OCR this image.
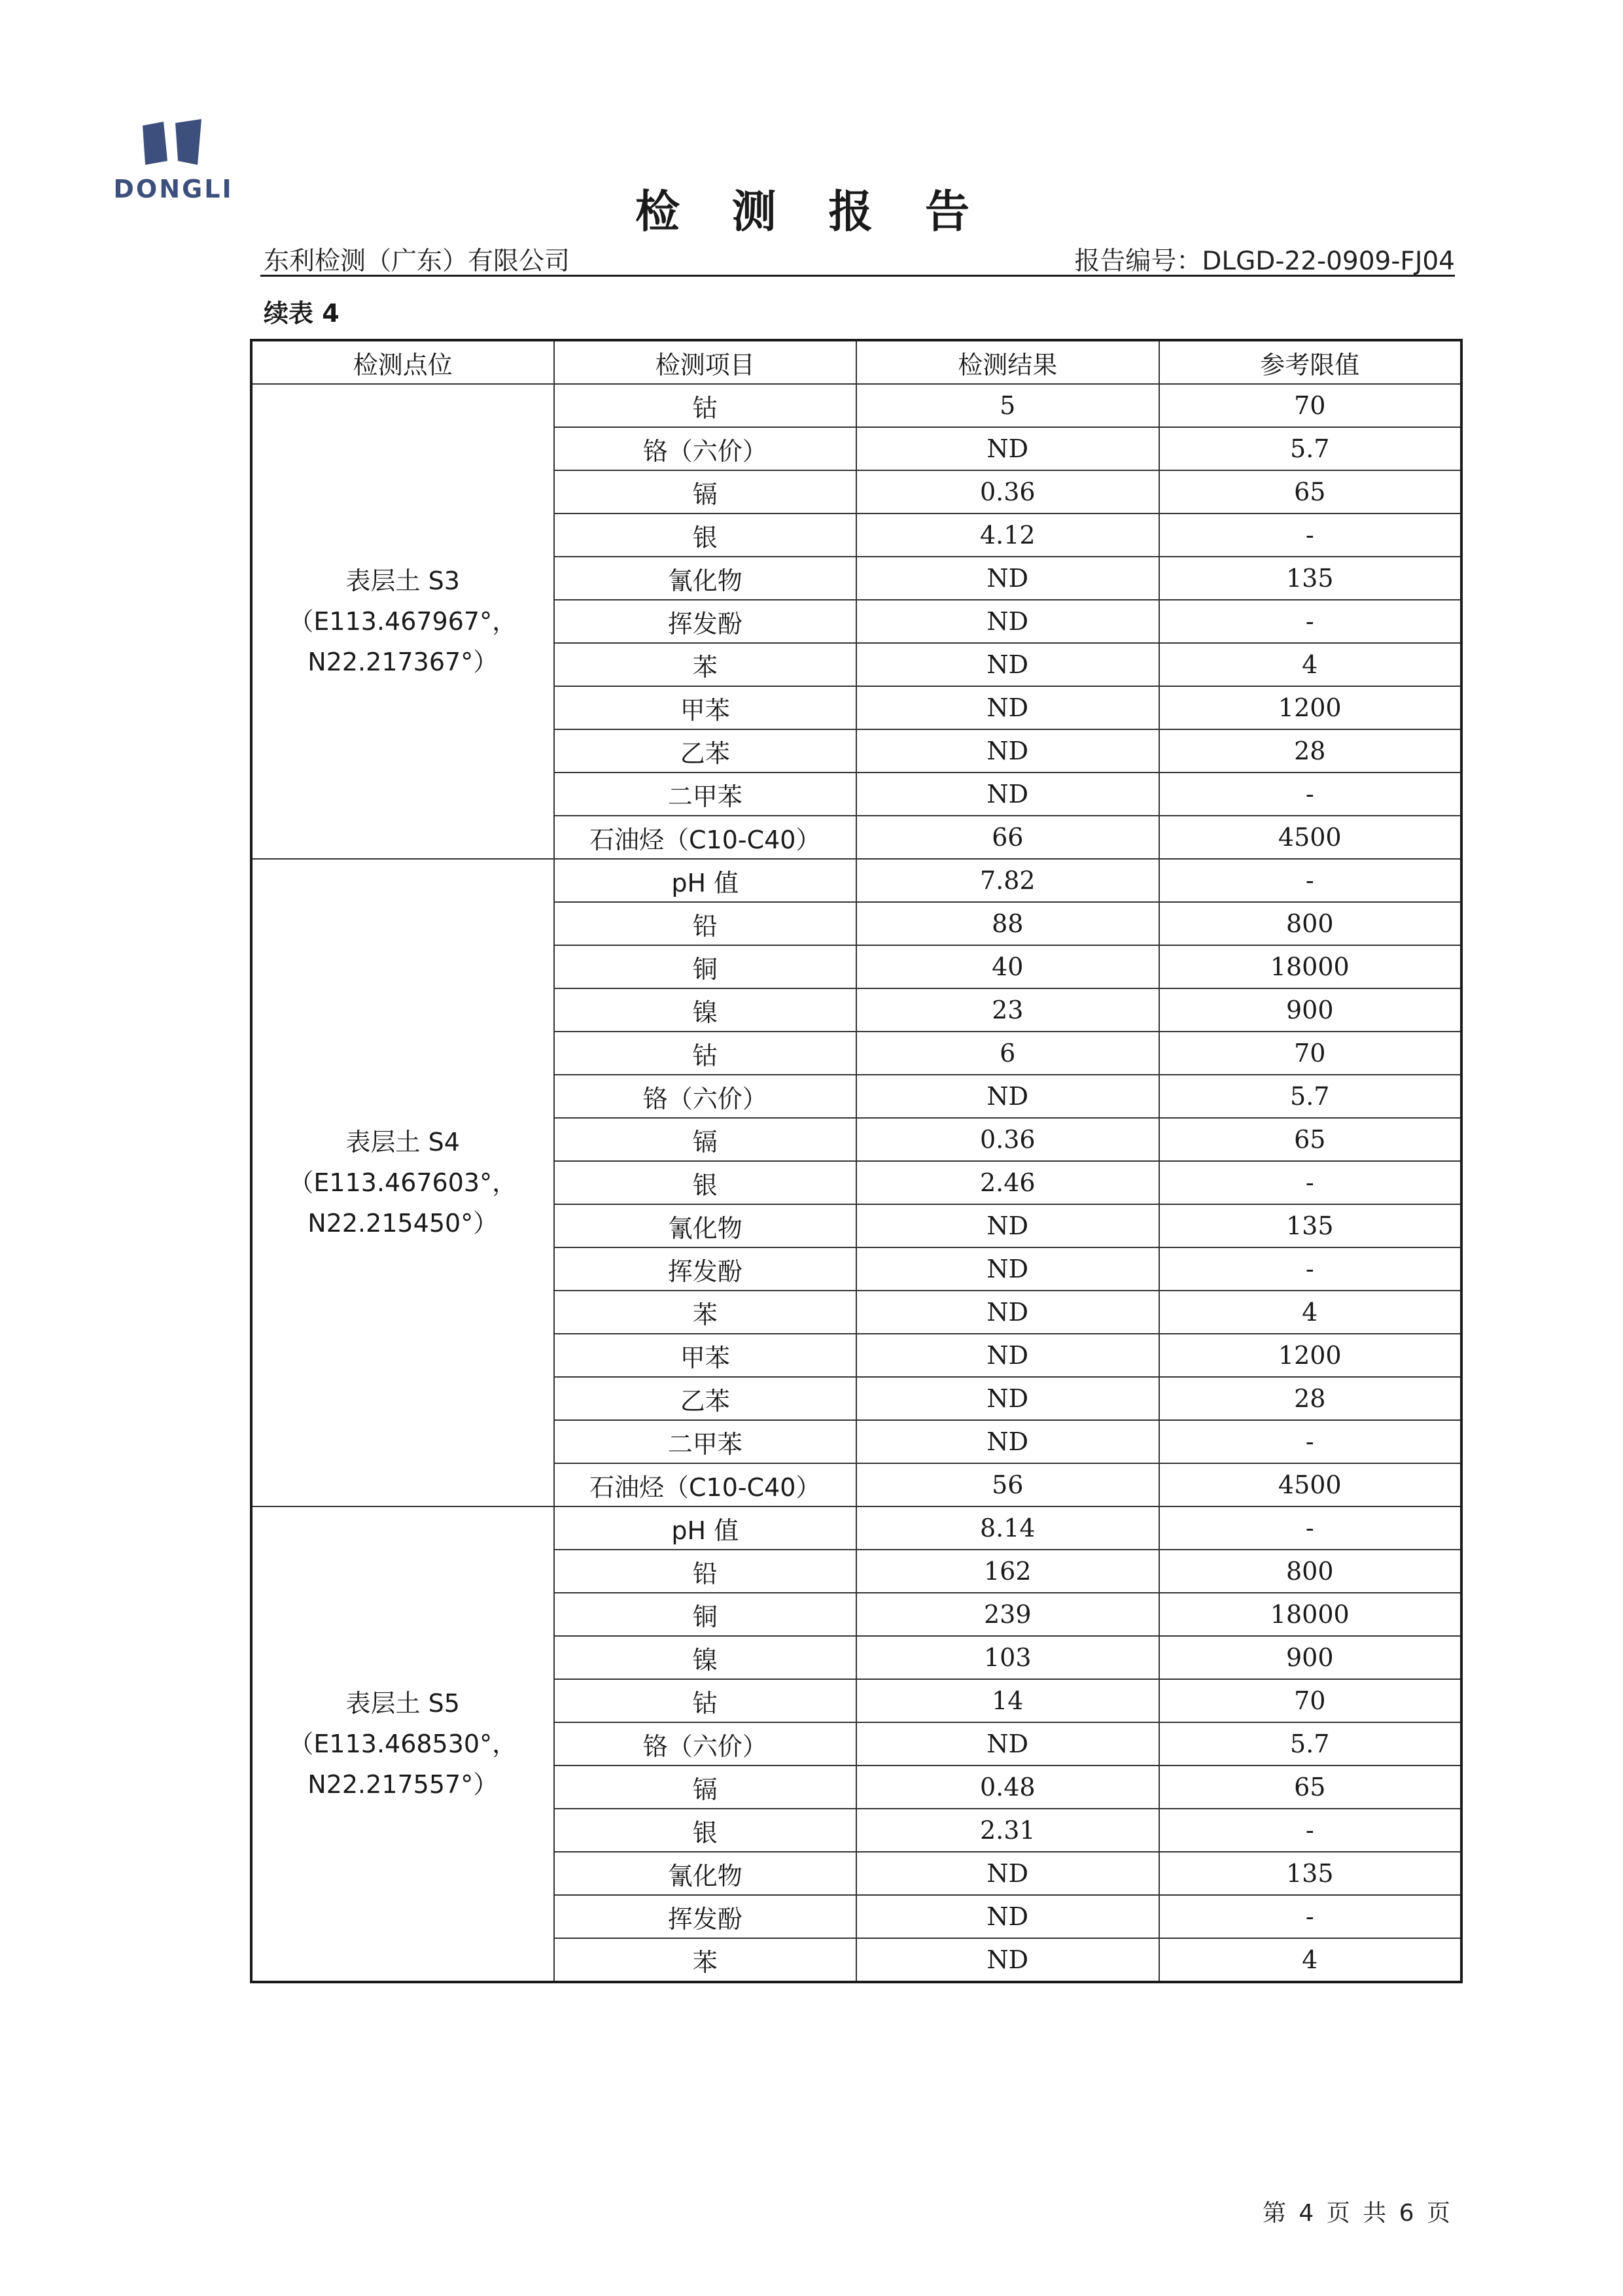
DONGLI	检 测 报 告
东利检测（广东）有限公司	报告编号：DLGD-22-0909-FJ04
续表 4
检测点位	检测项目	检测结果	参考限值

表层土 S3
（E113.467967°，
N22.217367°）	钴	5	70
	铬（六价）	ND	5.7
	镉	0.36	65
	银	4.12	-
	氰化物	ND	135
	挥发酚	ND	-
	苯	ND	4
	甲苯	ND	1200
	乙苯	ND	28
	二甲苯	ND	-
	石油烃（C10-C40）	66	4500

表层土 S4
（E113.467603°，
N22.215450°）	pH 值	7.82	-
	铅	88	800
	铜	40	18000
	镍	23	900
	钴	6	70
	铬（六价）	ND	5.7
	镉	0.36	65
	银	2.46	-
	氰化物	ND	135
	挥发酚	ND	-
	苯	ND	4
	甲苯	ND	1200
	乙苯	ND	28
	二甲苯	ND	-
	石油烃（C10-C40）	56	4500

表层土 S5
（E113.468530°，
N22.217557°）	pH 值	8.14	-
	铅	162	800
	铜	239	18000
	镍	103	900
	钴	14	70
	铬（六价）	ND	5.7
	镉	0.48	65
	银	2.31	-
	氰化物	ND	135
	挥发酚	ND	-
	苯	ND	4
第 4 页 共 6 页
